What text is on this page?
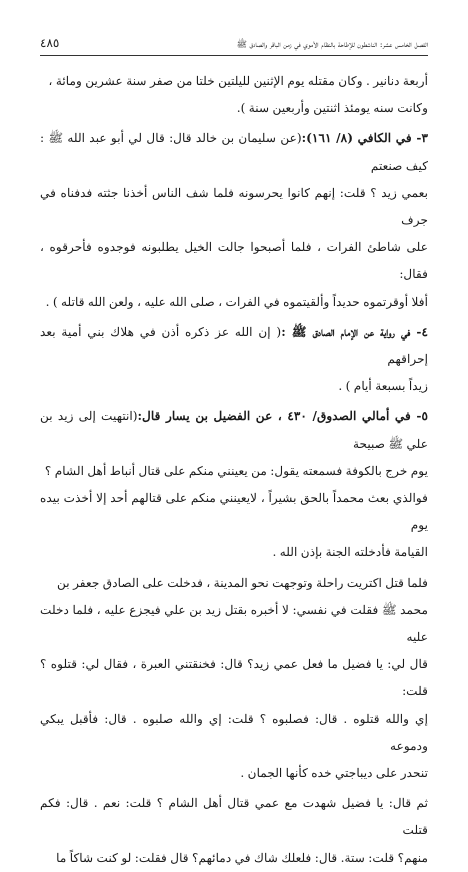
الفصل الخامس عشر: الناشطون للإطاحة بالنظام الأموي في زمن الباقر والصادق ﷺ
٤٨٥

أربعة دنانير . وكان مقتله يوم الإثنين لليلتين خلتا من صفر سنة عشرين ومائة ،

وكانت سنه يومئذ اثنتين وأربعين سنة ).

٣- في الكافي (٨/ ١٦١):(عن سليمان بن خالد قال: قال لي أبو عبد الله ﷺ : كيف صنعتم

بعمي زيد ؟ قلت: إنهم كانوا يحرسونه فلما شف الناس أخذنا جثته فدفناه في جرف

على شاطئ الفرات ، فلما أصبحوا جالت الخيل يطلبونه فوجدوه فأحرقوه ، فقال:

أفلا أوقرتموه حديداً وألقيتموه في الفرات ، صلى الله عليه ، ولعن الله قاتله ) .

٤- في رواية عن الإمام الصادق ﷺ :( إن الله عز ذكره أذن في هلاك بني أمية بعد إحراقهم

زيداً بسبعة أيام ) .

٥- في أمالي الصدوق/ ٤٣٠ ، عن الفضيل بن يسار قال:(انتهيت إلى زيد بن علي ﷺ صبيحة

يوم خرج بالكوفة فسمعته يقول: من يعينني منكم على قتال أنباط أهل الشام ؟

فوالذي بعث محمداً بالحق بشيراً ، لايعينني منكم على قتالهم أحد إلا أخذت بيده يوم

القيامة فأدخلته الجنة بإذن الله .

فلما قتل اكتريت راحلة وتوجهت نحو المدينة ، فدخلت على الصادق جعفر بن

محمد ﷺ فقلت في نفسي: لا أخبره بقتل زيد بن علي فيجزع عليه ، فلما دخلت عليه

قال لي: يا فضيل ما فعل عمي زيد؟ قال: فخنقتني العبرة ، فقال لي: قتلوه ؟ قلت:

إي والله قتلوه . قال: فصلبوه ؟ قلت: إي والله صلبوه . قال: فأقبل يبكي ودموعه

تنحدر على ديباجتي خده كأنها الجمان .

ثم قال: يا فضيل شهدت مع عمي قتال أهل الشام ؟ قلت: نعم . قال: فكم قتلت

منهم؟ قلت: ستة. قال: فلعلك شاك في دمائهم؟ قال فقلت: لو كنت شاكاً ما
